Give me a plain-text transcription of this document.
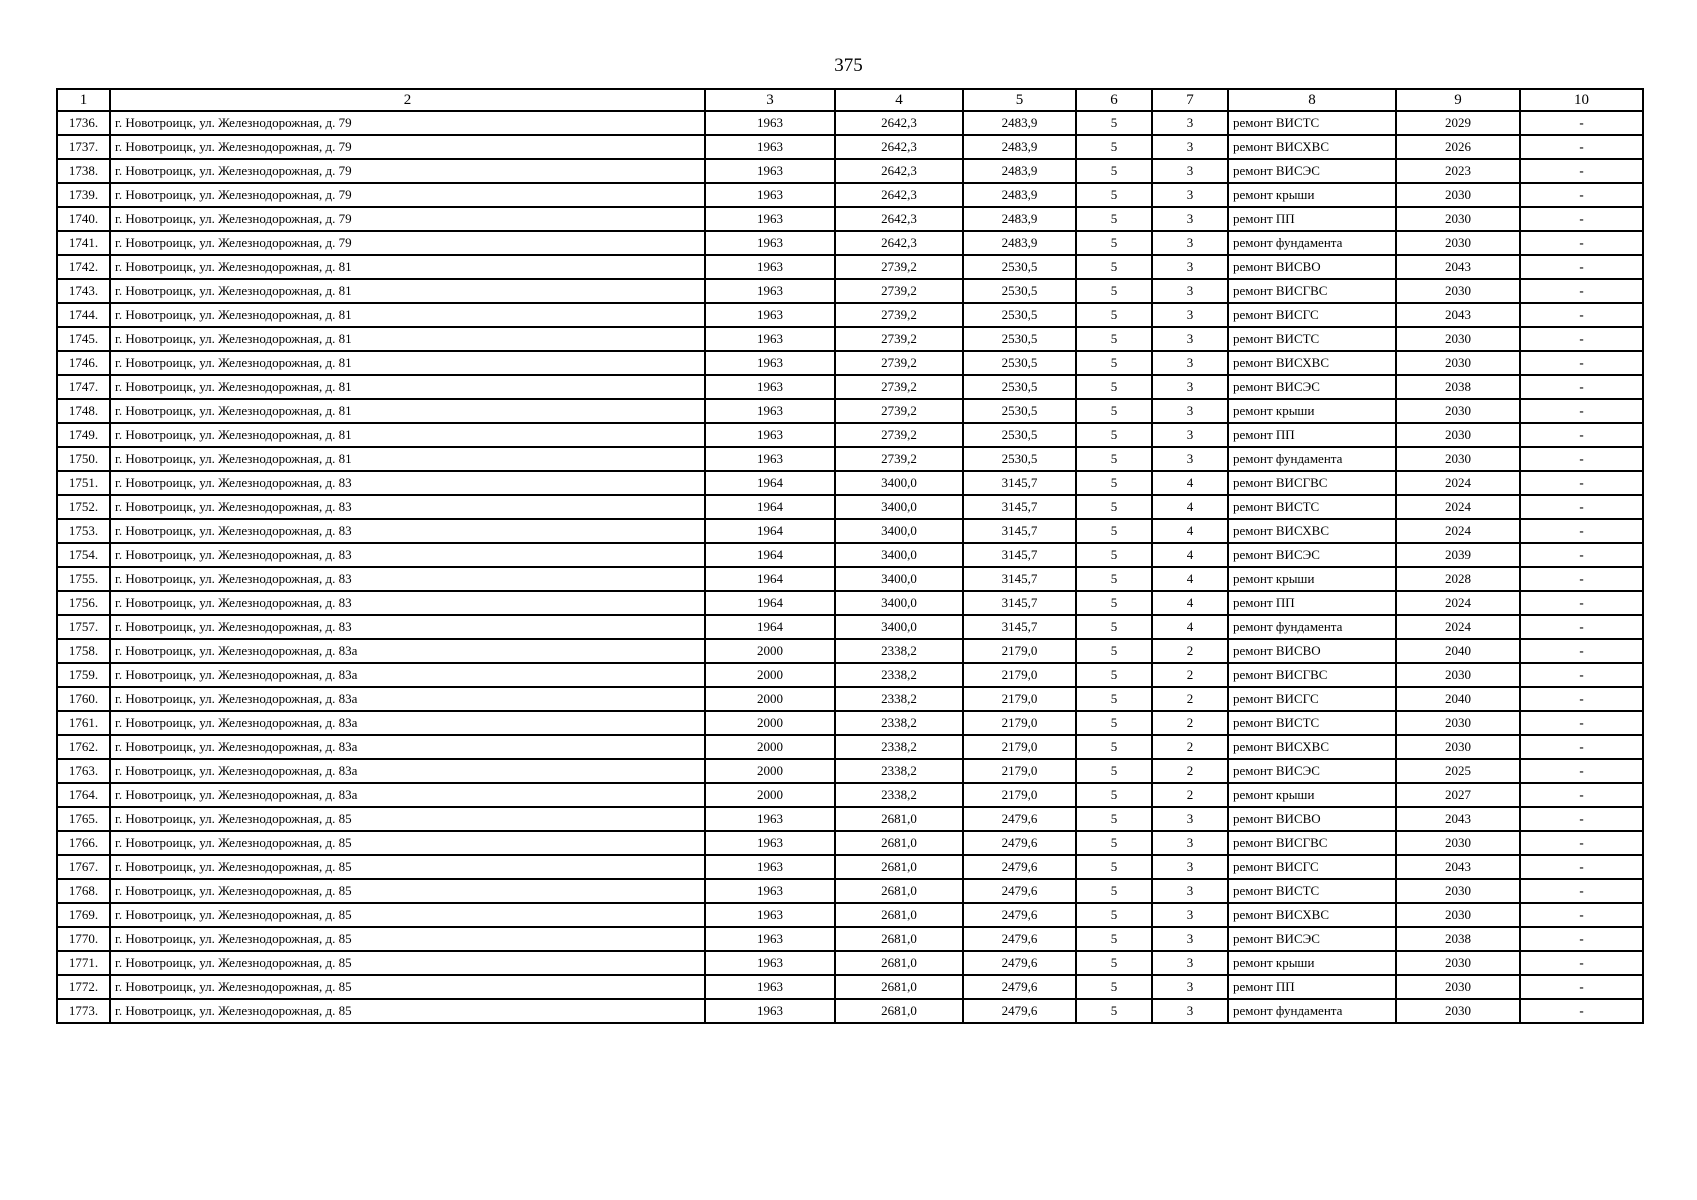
375
1	2	3	4	5	6	7	8	9	10
1736.	г. Новотроицк, ул. Железнодорожная, д. 79	1963	2642,3	2483,9	5	3	ремонт ВИСТС	2029	-
1737.	г. Новотроицк, ул. Железнодорожная, д. 79	1963	2642,3	2483,9	5	3	ремонт ВИСХВС	2026	-
1738.	г. Новотроицк, ул. Железнодорожная, д. 79	1963	2642,3	2483,9	5	3	ремонт ВИСЭС	2023	-
1739.	г. Новотроицк, ул. Железнодорожная, д. 79	1963	2642,3	2483,9	5	3	ремонт крыши	2030	-
1740.	г. Новотроицк, ул. Железнодорожная, д. 79	1963	2642,3	2483,9	5	3	ремонт ПП	2030	-
1741.	г. Новотроицк, ул. Железнодорожная, д. 79	1963	2642,3	2483,9	5	3	ремонт фундамента	2030	-
1742.	г. Новотроицк, ул. Железнодорожная, д. 81	1963	2739,2	2530,5	5	3	ремонт ВИСВО	2043	-
1743.	г. Новотроицк, ул. Железнодорожная, д. 81	1963	2739,2	2530,5	5	3	ремонт ВИСГВС	2030	-
1744.	г. Новотроицк, ул. Железнодорожная, д. 81	1963	2739,2	2530,5	5	3	ремонт ВИСГС	2043	-
1745.	г. Новотроицк, ул. Железнодорожная, д. 81	1963	2739,2	2530,5	5	3	ремонт ВИСТС	2030	-
1746.	г. Новотроицк, ул. Железнодорожная, д. 81	1963	2739,2	2530,5	5	3	ремонт ВИСХВС	2030	-
1747.	г. Новотроицк, ул. Железнодорожная, д. 81	1963	2739,2	2530,5	5	3	ремонт ВИСЭС	2038	-
1748.	г. Новотроицк, ул. Железнодорожная, д. 81	1963	2739,2	2530,5	5	3	ремонт крыши	2030	-
1749.	г. Новотроицк, ул. Железнодорожная, д. 81	1963	2739,2	2530,5	5	3	ремонт ПП	2030	-
1750.	г. Новотроицк, ул. Железнодорожная, д. 81	1963	2739,2	2530,5	5	3	ремонт фундамента	2030	-
1751.	г. Новотроицк, ул. Железнодорожная, д. 83	1964	3400,0	3145,7	5	4	ремонт ВИСГВС	2024	-
1752.	г. Новотроицк, ул. Железнодорожная, д. 83	1964	3400,0	3145,7	5	4	ремонт ВИСТС	2024	-
1753.	г. Новотроицк, ул. Железнодорожная, д. 83	1964	3400,0	3145,7	5	4	ремонт ВИСХВС	2024	-
1754.	г. Новотроицк, ул. Железнодорожная, д. 83	1964	3400,0	3145,7	5	4	ремонт ВИСЭС	2039	-
1755.	г. Новотроицк, ул. Железнодорожная, д. 83	1964	3400,0	3145,7	5	4	ремонт крыши	2028	-
1756.	г. Новотроицк, ул. Железнодорожная, д. 83	1964	3400,0	3145,7	5	4	ремонт ПП	2024	-
1757.	г. Новотроицк, ул. Железнодорожная, д. 83	1964	3400,0	3145,7	5	4	ремонт фундамента	2024	-
1758.	г. Новотроицк, ул. Железнодорожная, д. 83а	2000	2338,2	2179,0	5	2	ремонт ВИСВО	2040	-
1759.	г. Новотроицк, ул. Железнодорожная, д. 83а	2000	2338,2	2179,0	5	2	ремонт ВИСГВС	2030	-
1760.	г. Новотроицк, ул. Железнодорожная, д. 83а	2000	2338,2	2179,0	5	2	ремонт ВИСГС	2040	-
1761.	г. Новотроицк, ул. Железнодорожная, д. 83а	2000	2338,2	2179,0	5	2	ремонт ВИСТС	2030	-
1762.	г. Новотроицк, ул. Железнодорожная, д. 83а	2000	2338,2	2179,0	5	2	ремонт ВИСХВС	2030	-
1763.	г. Новотроицк, ул. Железнодорожная, д. 83а	2000	2338,2	2179,0	5	2	ремонт ВИСЭС	2025	-
1764.	г. Новотроицк, ул. Железнодорожная, д. 83а	2000	2338,2	2179,0	5	2	ремонт крыши	2027	-
1765.	г. Новотроицк, ул. Железнодорожная, д. 85	1963	2681,0	2479,6	5	3	ремонт ВИСВО	2043	-
1766.	г. Новотроицк, ул. Железнодорожная, д. 85	1963	2681,0	2479,6	5	3	ремонт ВИСГВС	2030	-
1767.	г. Новотроицк, ул. Железнодорожная, д. 85	1963	2681,0	2479,6	5	3	ремонт ВИСГС	2043	-
1768.	г. Новотроицк, ул. Железнодорожная, д. 85	1963	2681,0	2479,6	5	3	ремонт ВИСТС	2030	-
1769.	г. Новотроицк, ул. Железнодорожная, д. 85	1963	2681,0	2479,6	5	3	ремонт ВИСХВС	2030	-
1770.	г. Новотроицк, ул. Железнодорожная, д. 85	1963	2681,0	2479,6	5	3	ремонт ВИСЭС	2038	-
1771.	г. Новотроицк, ул. Железнодорожная, д. 85	1963	2681,0	2479,6	5	3	ремонт крыши	2030	-
1772.	г. Новотроицк, ул. Железнодорожная, д. 85	1963	2681,0	2479,6	5	3	ремонт ПП	2030	-
1773.	г. Новотроицк, ул. Железнодорожная, д. 85	1963	2681,0	2479,6	5	3	ремонт фундамента	2030	-
